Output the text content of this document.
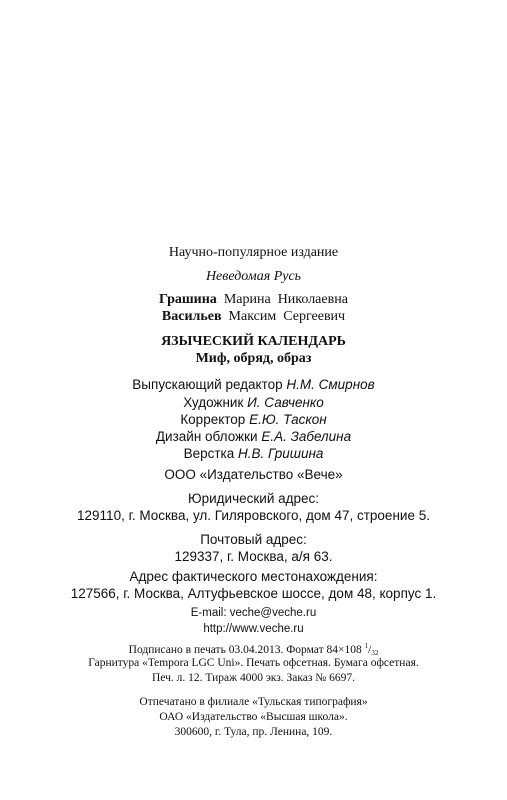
Научно-популярное издание
Неведомая Русь
Грашина Марина Николаевна
Васильев Максим Сергеевич
ЯЗЫЧЕСКИЙ КАЛЕНДАРЬ
Миф, обряд, образ
Выпускающий редактор Н.М. Смирнов
Художник И. Савченко
Корректор Е.Ю. Таскон
Дизайн обложки Е.А. Забелина
Верстка Н.В. Гришина
ООО «Издательство «Вече»
Юридический адрес:
129110, г. Москва, ул. Гиляровского, дом 47, строение 5.
Почтовый адрес:
129337, г. Москва, а/я 63.
Адрес фактического местонахождения:
127566, г. Москва, Алтуфьевское шоссе, дом 48, корпус 1.
E-mail: veche@veche.ru
http://www.veche.ru
Подписано в печать 03.04.2013. Формат 84×108 $^1/_{32}$
Гарнитура «Tempora LGC Uni». Печать офсетная. Бумага офсетная.
Печ. л. 12. Тираж 4000 экз. Заказ № 6697.
Отпечатано в филиале «Тульская типография»
ОАО «Издательство «Высшая школа».
300600, г. Тула, пр. Ленина, 109.
